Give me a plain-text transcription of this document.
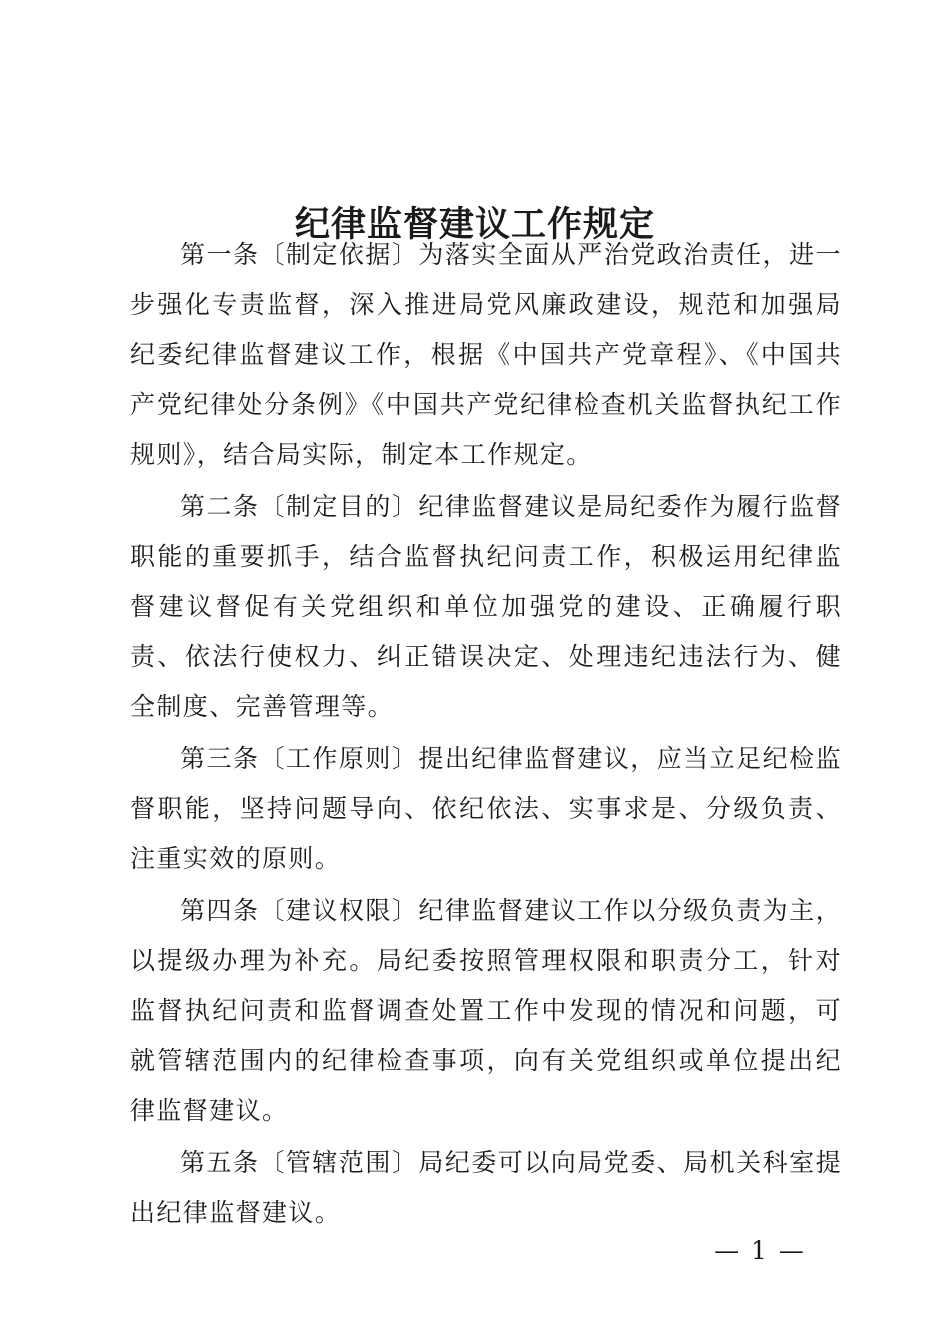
纪律监督建议工作规定

第一条〔制定依据〕为落实全面从严治党政治责任，进一步强化专责监督，深入推进局党风廉政建设，规范和加强局纪委纪律监督建议工作，根据《中国共产党章程》、《中国共产党纪律处分条例》《中国共产党纪律检查机关监督执纪工作规则》，结合局实际，制定本工作规定。

第二条〔制定目的〕纪律监督建议是局纪委作为履行监督职能的重要抓手，结合监督执纪问责工作，积极运用纪律监督建议督促有关党组织和单位加强党的建设、正确履行职责、依法行使权力、纠正错误决定、处理违纪违法行为、健全制度、完善管理等。

第三条〔工作原则〕提出纪律监督建议，应当立足纪检监督职能，坚持问题导向、依纪依法、实事求是、分级负责、注重实效的原则。

第四条〔建议权限〕纪律监督建议工作以分级负责为主，以提级办理为补充。局纪委按照管理权限和职责分工，针对监督执纪问责和监督调查处置工作中发现的情况和问题，可就管辖范围内的纪律检查事项，向有关党组织或单位提出纪律监督建议。

第五条〔管辖范围〕局纪委可以向局党委、局机关科室提出纪律监督建议。

— 1 —
